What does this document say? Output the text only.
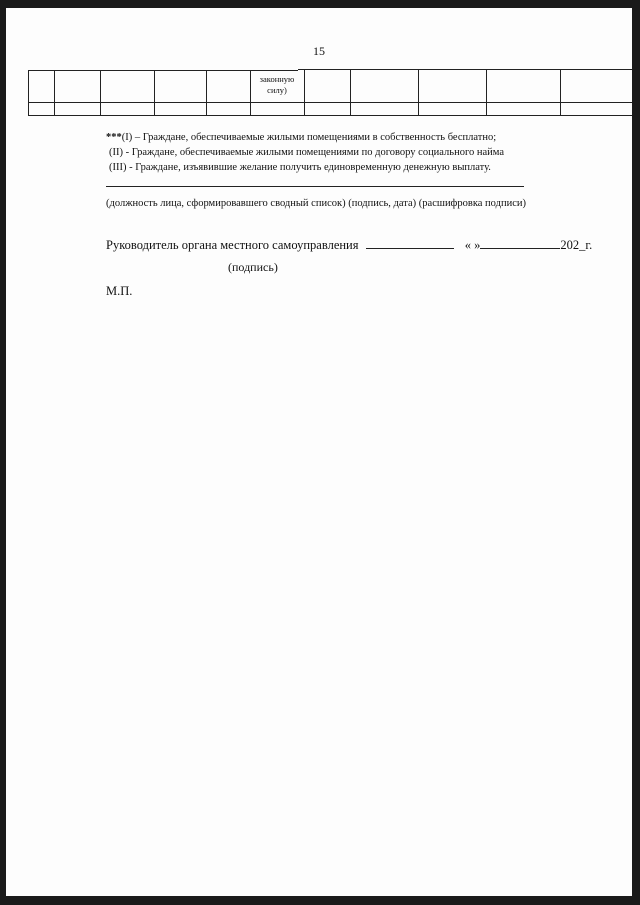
15
законную
силу)
***(I) – Граждане, обеспечиваемые жилыми помещениями в собственность бесплатно;
(II) - Граждане, обеспечиваемые жилыми помещениями по договору социального найма
(III) - Граждане, изъявившие желание получить единовременную денежную выплату.
(должность лица, сформировавшего сводный список) (подпись, дата) (расшифровка подписи)
Руководитель органа местного самоуправления	« »	202_г.
(подпись)
М.П.
